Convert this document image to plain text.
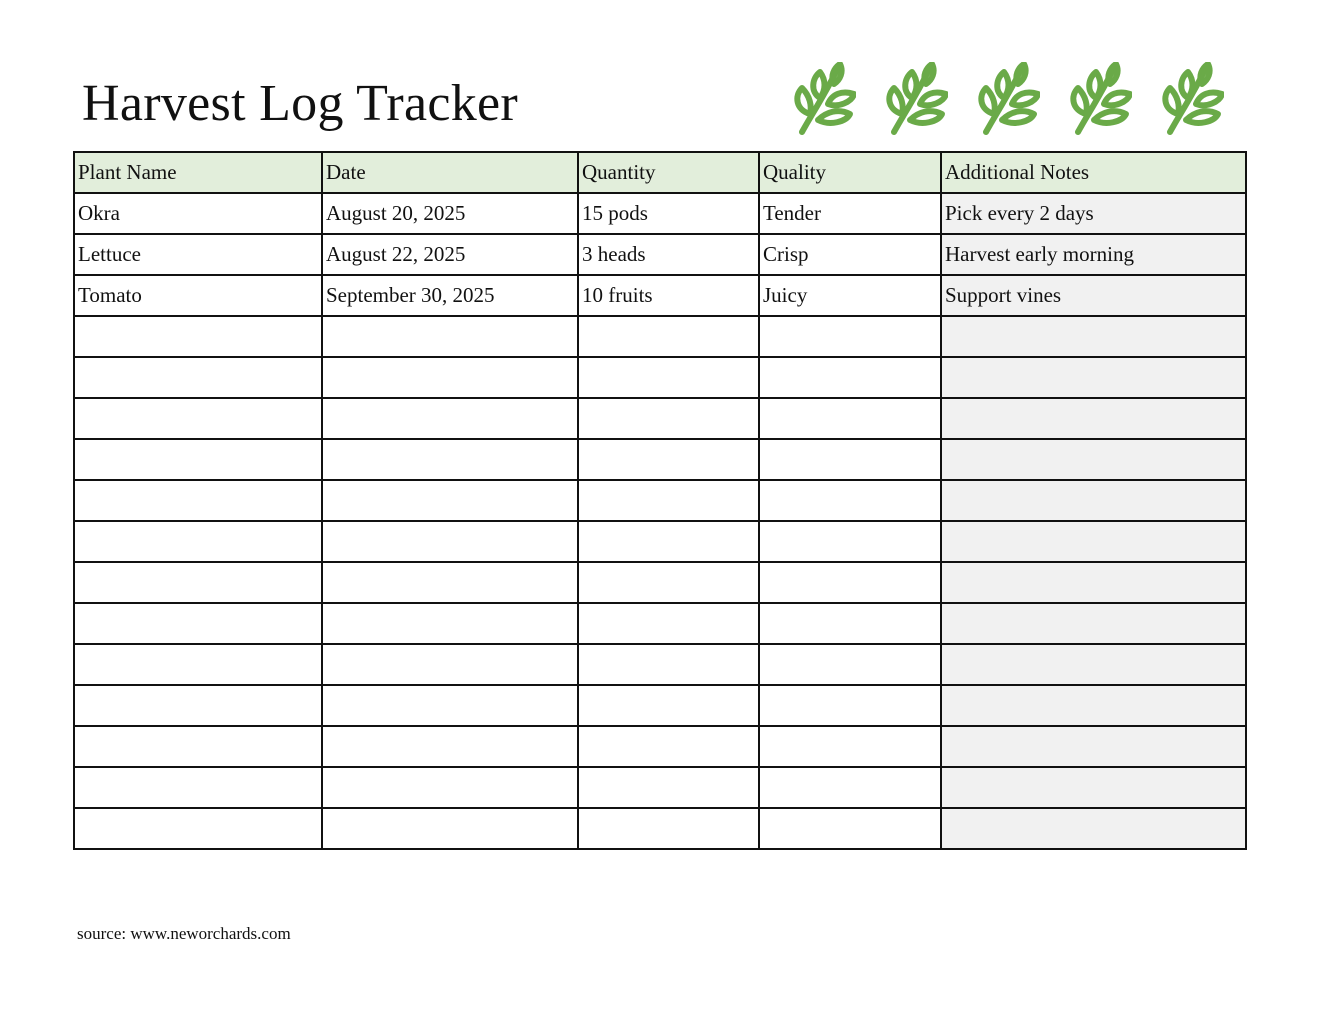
Harvest Log Tracker
Plant Name	Date	Quantity	Quality	Additional Notes
Okra	August 20, 2025	15 pods	Tender	Pick every 2 days
Lettuce	August 22, 2025	3 heads	Crisp	Harvest early morning
Tomato	September 30, 2025	10 fruits	Juicy	Support vines

source: www.neworchards.com
